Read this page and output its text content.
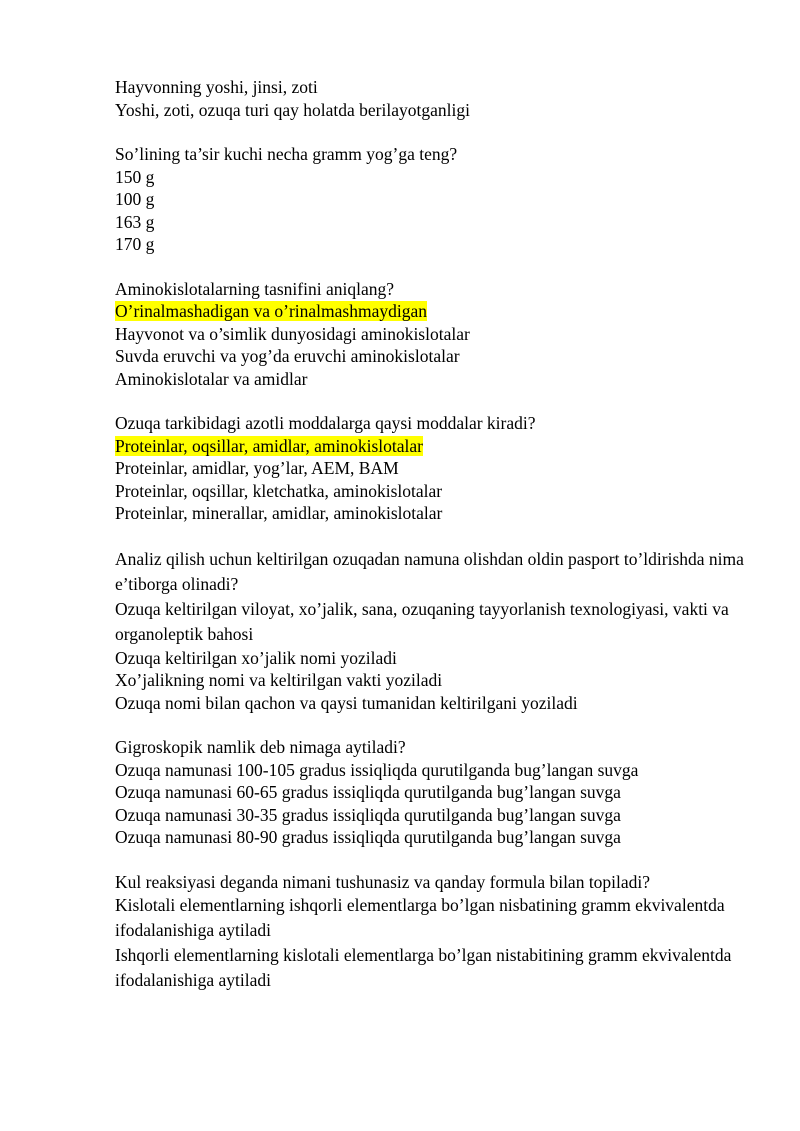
Hayvonning yoshi, jinsi, zoti
Yoshi, zoti, ozuqa turi qay holatda berilayotganligi
So’lining ta’sir kuchi necha gramm yog’ga teng?
150 g
100 g
163 g
170 g
Aminokislotalarning tasnifini aniqlang?
O’rinalmashadigan va o’rinalmashmaydigan
Hayvonot va o’simlik dunyosidagi aminokislotalar
Suvda eruvchi va yog’da eruvchi aminokislotalar
Aminokislotalar va amidlar
Ozuqa tarkibidagi azotli moddalarga qaysi moddalar kiradi?
Proteinlar, oqsillar, amidlar, aminokislotalar
Proteinlar, amidlar, yog’lar, AEM, BAM
Proteinlar, oqsillar, kletchatka, aminokislotalar
Proteinlar, minerallar, amidlar, aminokislotalar
Analiz qilish uchun keltirilgan ozuqadan namuna olishdan oldin pasport to’ldirishda nima e’tiborga olinadi?
Ozuqa keltirilgan viloyat, xo’jalik, sana, ozuqaning tayyorlanish texnologiyasi, vakti va organoleptik bahosi
Ozuqa keltirilgan xo’jalik nomi yoziladi
Xo’jalikning nomi va keltirilgan vakti yoziladi
Ozuqa nomi bilan qachon va qaysi tumanidan keltirilgani yoziladi
Gigroskopik namlik deb nimaga aytiladi?
Ozuqa namunasi 100-105 gradus issiqliqda qurutilganda bug’langan suvga
Ozuqa namunasi 60-65 gradus issiqliqda qurutilganda bug’langan suvga
Ozuqa namunasi 30-35 gradus issiqliqda qurutilganda bug’langan suvga
Ozuqa namunasi 80-90 gradus issiqliqda qurutilganda bug’langan suvga
Kul reaksiyasi deganda nimani tushunasiz va qanday formula bilan topiladi?
Kislotali elementlarning ishqorli elementlarga bo’lgan nisbatining gramm ekvivalentda ifodalanishiga aytiladi
Ishqorli elementlarning kislotali elementlarga bo’lgan nistabitining gramm ekvivalentda ifodalanishiga aytiladi
